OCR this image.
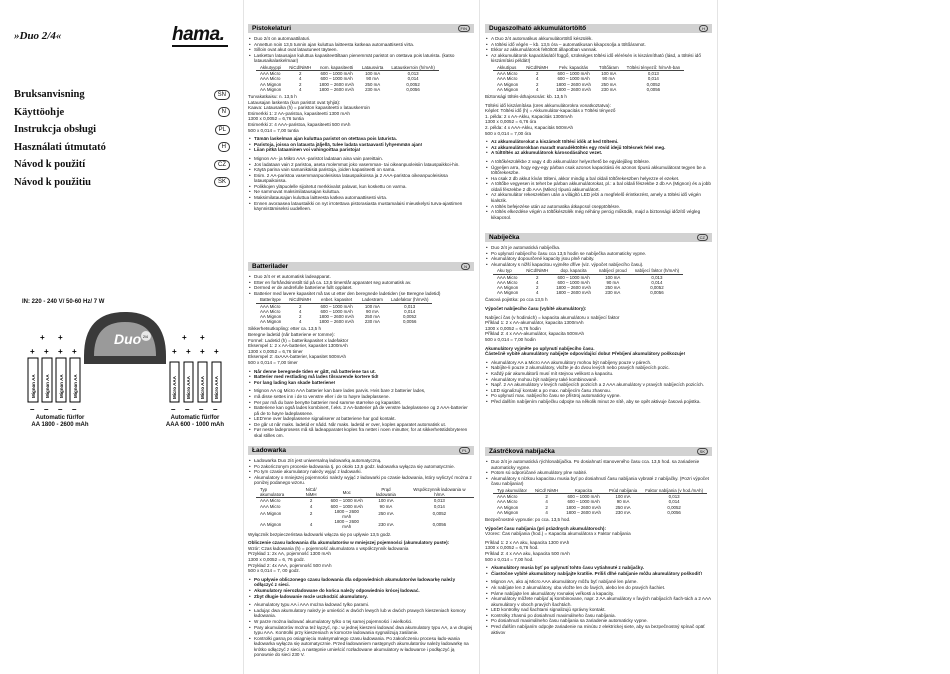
»Duo 2/4«	hama.
Bruksanvisning	SN
Käyttöohje	N
Instrukcja obsługi	PL
Használati útmutató	H
Návod k použití	CZ
Návod k použitiu	SK
IN: 220 - 240 V/ 50-60 Hz/ 7 W
Duo 2/4
+ +	+ +
+ + + +	+ + + +
Mignon AA Mignon AA Mignon AA Mignon AA	Micro AAA Micro AAA Micro AAA Micro AAA
– – – –	– – – –
Automatic für/for
AA 1800 - 2600 mAh
Automatic für/for
AAA 600 - 1000 mAh
Pistokelaturi	FIN
• Duo 2/4 on automaattilaturi.
• Annettun noin 13,5 tunnin ajan kuluttua laitteesta katkeaa automaattisesti virta.
• Silloin ovat akut ovat latautuneet täyteen.
• Laskettun latausajan kuluttua kapasiteettiltaan pienemmät paristot on otettava pois laturista. (katso latausaikalaskelmaa!)
Akkutyyppi	NiCd/NiMH	nom. kapasiteetti	Latausvirta	Latauskerroin (h/mAh)
AAA Micro	2	600 – 1000 mAh	100 mA	0,013
AAA Micro	4	600 – 1000 mAh	90 mA	0,014
AA Mignon	2	1800 – 2600 mAh	250 mA	0,0052
AA Mignon	4	1800 – 2600 mAh	230 mA	0,0056
Turvakatkaisu: n. 13,5 h
Latausajan laskenta (kun paristot ovat tyhjiä):
Kaava: Latausaika (h) = pariston kapasiteetti x latauskerroin
Esimerkki 1: 2 AA-paristoa, kapasiteetti 1300 mAh
1300 x 0,0052 = 6,76 tuntia
Esimerkki 2: 4 AAA-paristoa, kapasiteetti 500 mAh
500 x 0,014 = 7,00 tuntia
• Tämän laskelman ajan kuluttua paristot on otettava pois laturista.
• Paristoja, joissa on latausta jäljellä, tulee ladata vastaavasti lyhyemmän ajan!
• Liian pitkä lataaminen voi vahingoittaa paristoja!
• Mignon AA- ja Mikro AAA -paristot ladataan aina vain pareittain.
• Jos ladataan vain 2 paristoa, aseta molemmat joko vasemman- tai oikeanpuoleisiin latauspaikkoi-hin.
• Käytä parina vain samanikäisiä paristoja, joiden kapasiteetti on sama.
• Esim. 2 AA-paristoa vasemmanpuoleisissa latauspaikoissa ja 2 AAA-paristoa oikeanpuoleisissa latauspaikoissa.
• Polikkojen yläpuolelle sijoitetut merkkivalot palavat, kun koskettu on varma.
• Ne sammuvat maksimilatausajan kuluttua.
• Maksimilatausajan kuluttua laitteesta katkea automaattisesti virta.
• Ennen avoraasea lataustaikki on nyt irrotettava pistorasiasta mustamalaisi mieuskelysi turva-ajastimen käynnistämiseksi uudelleen.
Batterilader	N
• Duo 2/4 er et automatisk ladeapparat.
• Etter en forhåndsinnstilt tid på ca. 13,5 timerslår apparatet seg automatisk av.
• Dermed er de andrefulle batteriene fullt opplatet.
• Batterier med lavere kapasitet må tas ut etter den beregnede ladetiden (se Beregne ladetid)
Batteritype	NiCd/NiMH	enbet. kapasitet	Ladestrøm	Ladefaktor (h/mAh)
AAA Micro	2	600 – 1000 mAh	100 mA	0,013
AAA Micro	4	600 – 1000 mAh	90 mA	0,014
AA Mignon	2	1800 – 2600 mAh	250 mA	0,0052
AA Mignon	4	1800 – 2600 mAh	230 mA	0,0056
Sikkerhetsutkopling: etter ca. 13,5 h
Beregne ladetid (når batteriene er tomme):
Formel: Ladetid (h) = batterikapasitet x ladefaktor
Eksempel 1: 2 x AA-batterier, kapasitet 1300mAh
1300 x 0,0052 = 6,76 timer
Eksempel 2: 4xAAA-batterier, kapasitet 500mAh
500 x 0,014 = 7,00 timer
• Når denne beregnede tiden er gått, må batteriene tas ut.
• Batterier med restlading må lades tilsvarende kortere tid!
• For lang lading kan skade batteriene!
• Mignon AA og Micro AAA batterier kan bare lades parvis. Hvis bare 2 batterier lades,
• må disse settes inn i de to venstre eller i de to høyre ladeplassene.
• Per par må du bare benytte batterier med samme størrelse og kapasitet.
• Batteriene kan også lades kombinert, f.eks. 2 AA-batterier på de venstre ladeplassene og 2 AAA-batterier på de to høyre ladeplassene.
• LED'ene over ladeplassene signaliserer at batteriene har god kontakt.
• De går ut når maks. ladetid er nådd. Når maks. ladetid er over, koples apparatet automatisk ut.
• Før neste ladeprosess må så ladeapparatet koples fra nettet i noen minutter, for at sikkerhetstidsbryteren skal stilles om.
Ładowarka	PL
• Ładowarka Duo 2/4 jest uniwersalną ładowarką automatyczną.
• Po zakończonym procesie ładowania tj. po około 13,5 godz. ładowarka wyłącza się automatycznie.
• Po tym czasie akumulatory należy wyjąć z ładowarki.
• Akumulatory o mniejszej pojemności należy wyjąć z ładowarki po czasie ładowania, który wyliczyć można z poniżej podanego wzoru.
Typ akumulatora	NiCd/ NiMH	Moc	Prąd ładowania	Współczynnik ładowania w h/mA
AAA Micro	2	600 – 1000 mAh	100 mA	0,013
AAA Micro	4	600 – 1000 mAh	90 mA	0,014
AA Mignon	2	1800 – 2600 mAh	250 mA	0,0052
AA Mignon	4	1800 – 2600 mAh	230 mA	0,0056
Wyłącznik bezpieczeństwa ładowarki włącza się po upływie 13,5 godz.
Obliczenie czasu ładowania dla akumulatorów w mniejszej pojemności (akumulatory puste):
Wzór: Czas ładowania (h) = pojemność akumulatora x współczynnik ładowania
Przykład 1: 2x AA, pojemność 1300 mAh
1300 x 0,0052 = 6, 76 godz.
Przykład 2: 4x AAA, pojemność 500 mAh
500 x 0,014 = 7, 00 godz.
• Po upływie obliczonego czasu ładowania dla odpowiednich akumulatorów ładowarkę należy odłączyć z sieci.
• Akumulatory nierozładowane do końca należy odpowiednio krócej ładować.
• Zbyt długie ładowanie może uszkodzić akumulatory.
• Akumulatory typu AA i AAA można ładować tylko parami.
• Ładując dwa akumulatory należy je umieścić w dwóch lewych lub w dwóch prawych kieszeniach komory ładowania.
• W parze można ładować akumulatory tylko o tej samej pojemności i wielkości.
• Pary akumulatorów można też łączyć, np.: w jednej kieszeni ładować dwa akumulatory typu AA, a w drugiej typu AAA. Kontrolki przy kieszeniach w komorze ładowania sygnalizują zasilanie.
• Kontrolki gasną po osiągnięciu maksymalnego czasu ładowania. Po zakończeniu procesu łado-wania ładowarka wyłącza się automatycznie. Przed ładowaniem następnych akumulatorów należy ładowarkę na krótko odłączyć z sieci, a następnie umieścić rozładowane akumulatory w ładowarce i podłączyć ją ponownie do sieci 230 V.
Dugaszolható akkumulátortöltő	H
• A Duo 2/4 automatikus akkumulátortöltő készülék.
• A töltési idő végén – kb. 13,5 óra – automatikusan kikapcsolja a töltőáramot.
• Ekkor az akkumulátorok feltöltött állapotban vannak.
• Az akkumulátorok kapacitásától függő, szükséges töltési idő elérésén is kiszámítható (lásd, a töltési idő kiszámítási példát!)
Akkutípus	NiCd/NiMH	Felv. kapacitás	Töltőáram	Töltési tényező: h/mAh-ban
AAA Micro	2	600 – 1000 mAh	100 mA	0,013
AAA Micro	4	600 – 1000 mAh	90 mA	0,014
AA Mignon	2	1800 – 2600 mAh	250 mA	0,0052
AA Mignon	4	1800 – 2600 mAh	230 mA	0,0056
Biztonsági töltés-áthajoscsás: kb. 13,5 h
Töltési idő kiszámítása (üres akkumulátorokra vonatkoztatva):
Képlet: Töltési idő (h) = Akkumulátor-kapacitás x Töltési tényező
1. példa: 2 x AA-Akku, Kapacitás 1300mAh
1300 x 0,0052 = 6,76 óra
2. példa: 4 x AAA-Akku, Kapacitás 500mAh
500 x 0,014 = 7,00 óra
• Az akkumulátorokat a kiszámolt töltési idők at ked töltemi.
• Az akkumulátorokban maradt maradéktöltés egy rövid idejű töltésnek felel meg.
• A túltöltés az akkumulátorok károsodásához vezet.
• A töltőkészülékbe 2 vagy 4 db akkumulátor helyezhető be egyidejűleg töltésre.
• Ügyeljen arra, hogy egy-egy párban csak azonos kapacitású és azonos típusú akkumulátorat tegyen be a töltőrekeszbe.
• Ha csak 2 db akkut kíván tölteni, akkor mindig a bal oldali töltőrekeszben helyezze el ezeket.
• A töltőbe vegyesen is tehet be párban akkumulátorokat, pl.: a bal oldali fészekbe 2 db AA (Mignon) és a jobb oldali fészekbe 2 db AAA (Mikro) típusú akkumulátort.
• Az akkumulátor rekeszekben után a világító LED jelzi a megfelelő érintkezést, amely a töltési idő végén kialszik.
• A töltés befejezése után az automatika átkapcsol csepptöltésre.
• A töltés elkezdése végén a töltőkészülék még néhány percig működik, majd a biztonsági időzítő végleg kikapcsol.
Nabíječka	CZ
• Duo 2/4 je automatická nabíječka.
• Po uplynutí nabíjecího času cca 13,5 hodin se nabíječka automaticky vypne.
• Akumulátory dopourčené kapacity jsou plně nabity.
• Akumulátory s nižší kapacitou vyjměte dříve (viz. výpočet nabíjecího času).
Aku typ	NiCd/NiMH	dop. kapacita	nabíjecí proud	nabíjecí faktor (h/mAh)
AAA Micro	2	600 – 1000 mAh	100 mA	0,013
AAA Micro	4	600 – 1000 mAh	90 mA	0,014
AA Mignon	2	1800 – 2600 mAh	250 mA	0,0052
AA Mignon	4	1800 – 2600 mAh	230 mA	0,0056
Časová pojistka: po cca 13,5 h
Výpočet nabíjecího času (vybité akumulátory):
Nabíjecí čas (v hodinách) = kapacita akumulátoru x nabíjecí faktor
Příklad 1: 2 x AA-akumulátor, kapacita 1300mAh
1300 x 0,0052 = 6,76 hodin
Příklad 2: 4 x AAA-akumulátor, kapacita 500mAh
500 x 0,014 = 7,00 hodin
Akumulátory vyjměte po uplynutí nabíjecího času.
Částečně vybité akumulátory nabíjejte odpovídající dobu! Přebíjení akumulátory poškozuje!
• Akumulátory AA a Micro AAA akumulátory mohou být nabíjeny pouze v párech.
• Nabíjíte-li pouze 2 akumulátory, vložte je do dvou levých nebo pravých nabíjecích pozic.
• Každý pár akumulátorů musí mít stejnou velikost a kapacitu.
• Akumulátory mohou být nabíjeny také kombinovaně.
• Např. 2 AA akumulátory v levých nabíjecích pozicích a 2 AAA akumulátory v pravých nabíjecích pozicích.
• LED signalizují kontakt a po max. nabíjecím času zhasnou.
• Po uplynutí max. nabíjecího času se přístroj automaticky vypne.
• Před dalším nabíjením nabíječku odpojte na několik minut ze sítě, aby se opět aktivuje časová pojistka.
Zástrčková nabíjačka	SK
• Duo 2/4 je automatická rýchlonabíjačka. Po dosiahnutí stanoveného času cca. 13,5 hod. sa zariadenie automaticky vypne.
• Potom sú odporúčané akumulátory plne nabité.
• Akumulátory s nízkou kapacitou musia byť po dosiahnutí času nabíjania vybraté z nabíjačky. (Pozri výpočet času nabíjania!)
Typ akumulátor	NiCd/ NiMH	Kapacita	Prúd nabíjania	Faktor nabíjania (v hod./mAh)
AAA Micro	2	600 – 1000 mAh	100 mA	0,013
AAA Micro	4	600 – 1000 mAh	90 mA	0,014
AA Mignon	2	1800 – 2600 mAh	250 mA	0,0052
AA Mignon	4	1800 – 2600 mAh	230 mA	0,0056
Bezpečnostné vypnutie: po cca. 13,5 hod.
Výpočet času nabíjania (pri prázdnych akumulátoroch):
Vzorec: Čas nabíjania (hod.) = Kapacita akumulátora x Faktor nabíjania
Príklad 1: 2 x AA aku, kapacita 1300 mAh
1300 x 0,0052 = 6,76 hod.
Príklad 2: 4 x AAA aku, kapacita 500 mAh
500 x 0,014 = 7,00 hod.
• Akumulátory musia byť po uplynutí tohto času vytiahnuté z nabíjačky.
• Čiastočne vybité akumulátory nabíjajte kratšie. Príliš dlhé nabíjanie môžu akumulátory poškodiť!
• Mignon AA, ako aj Micro AAA akumulátory môžu byť nabíjané len párne.
• Ak nabíjate len 2 akumulátory, oba vložte len do ľavých, alebo len do pravých šachiet.
• Párne nabíjajte len akumulátory rovnakej veľkosti a kapacity.
• Akumulátory môžete nabíjať aj kombinovane, napr. 2 AA akumulátory v ľavých nabíjacích šach-tách a 2 AAA akumulátory v oboch pravých šachtách.
• LED kontrolky nad šachtami signalizujú správny kontakt.
• Kontrolky zhasnú po dosiahnutí maximálneho času nabíjania.
• Po dosiahnutí maximálneho času nabíjania sa zariadenie automaticky vypne.
• Pred ďalším nabíjaním odpojte zariadenie na minútu z elektrickej siete, aby sa bezpečnostný spínač opäť aktivov
